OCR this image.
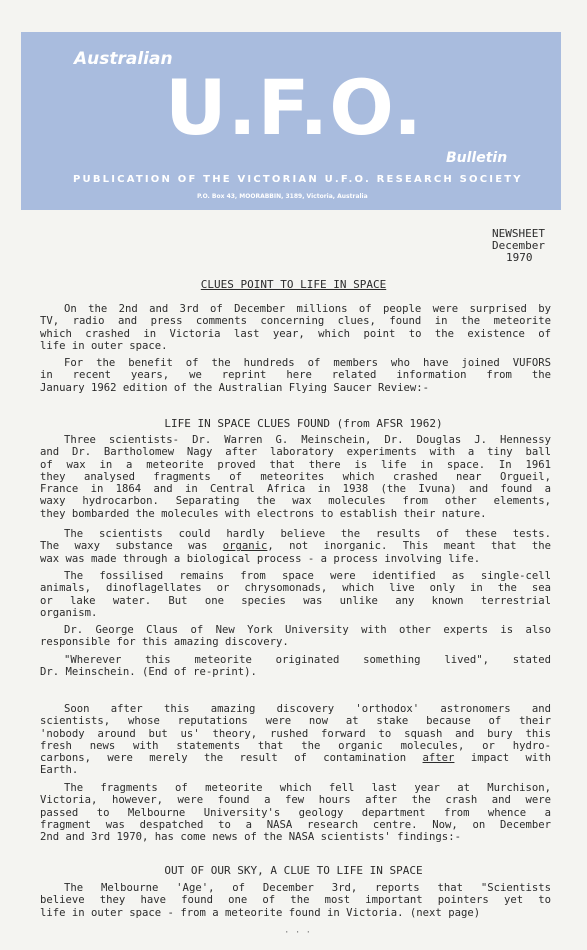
Australian
U.F.O.
Bulletin
PUBLICATION OF THE VICTORIAN U.F.O. RESEARCH SOCIETY
P.O. Box 43, MOORABBIN, 3189, Victoria, Australia
NEWSHEET
December
1970
CLUES POINT TO LIFE IN SPACE
On the 2nd and 3rd of December millions of people were surprised by
TV, radio and press comments concerning clues, found in the meteorite
which crashed in Victoria last year, which point to the existence of
life in outer space.
For the benefit of the hundreds of members who have joined VUFORS
in recent years, we reprint here related information from the
January 1962 edition of the Australian Flying Saucer Review:-
LIFE IN SPACE CLUES FOUND (from AFSR 1962)
Three scientists- Dr. Warren G. Meinschein, Dr. Douglas J. Hennessy
and Dr. Bartholomew Nagy after laboratory experiments with a tiny ball
of wax in a meteorite proved that there is life in space. In 1961
they analysed fragments of meteorites which crashed near Orgueil,
France in 1864 and in Central Africa in 1938 (the Ivuna) and found a
waxy hydrocarbon. Separating the wax molecules from other elements,
they bombarded the molecules with electrons to establish their nature.
The scientists could hardly believe the results of these tests.
The waxy substance was organic, not inorganic. This meant that the
wax was made through a biological process - a process involving life.
The fossilised remains from space were identified as single-cell
animals, dinoflagellates or chrysomonads, which live only in the sea
or lake water. But one species was unlike any known terrestrial
organism.
Dr. George Claus of New York University with other experts is also
responsible for this amazing discovery.
"Wherever this meteorite originated something lived", stated
Dr. Meinschein. (End of re-print).
Soon after this amazing discovery 'orthodox' astronomers and
scientists, whose reputations were now at stake because of their
'nobody around but us' theory, rushed forward to squash and bury this
fresh news with statements that the organic molecules, or hydro-
carbons, were merely the result of contamination after impact with
Earth.
The fragments of meteorite which fell last year at Murchison,
Victoria, however, were found a few hours after the crash and were
passed to Melbourne University's geology department from whence a
fragment was despatched to a NASA research centre. Now, on December
2nd and 3rd 1970, has come news of the NASA scientists' findings:-
OUT OF OUR SKY, A CLUE TO LIFE IN SPACE
The Melbourne 'Age', of December 3rd, reports that "Scientists
believe they have found one of the most important pointers yet to
life in outer space - from a meteorite found in Victoria. (next page)
· · ·
